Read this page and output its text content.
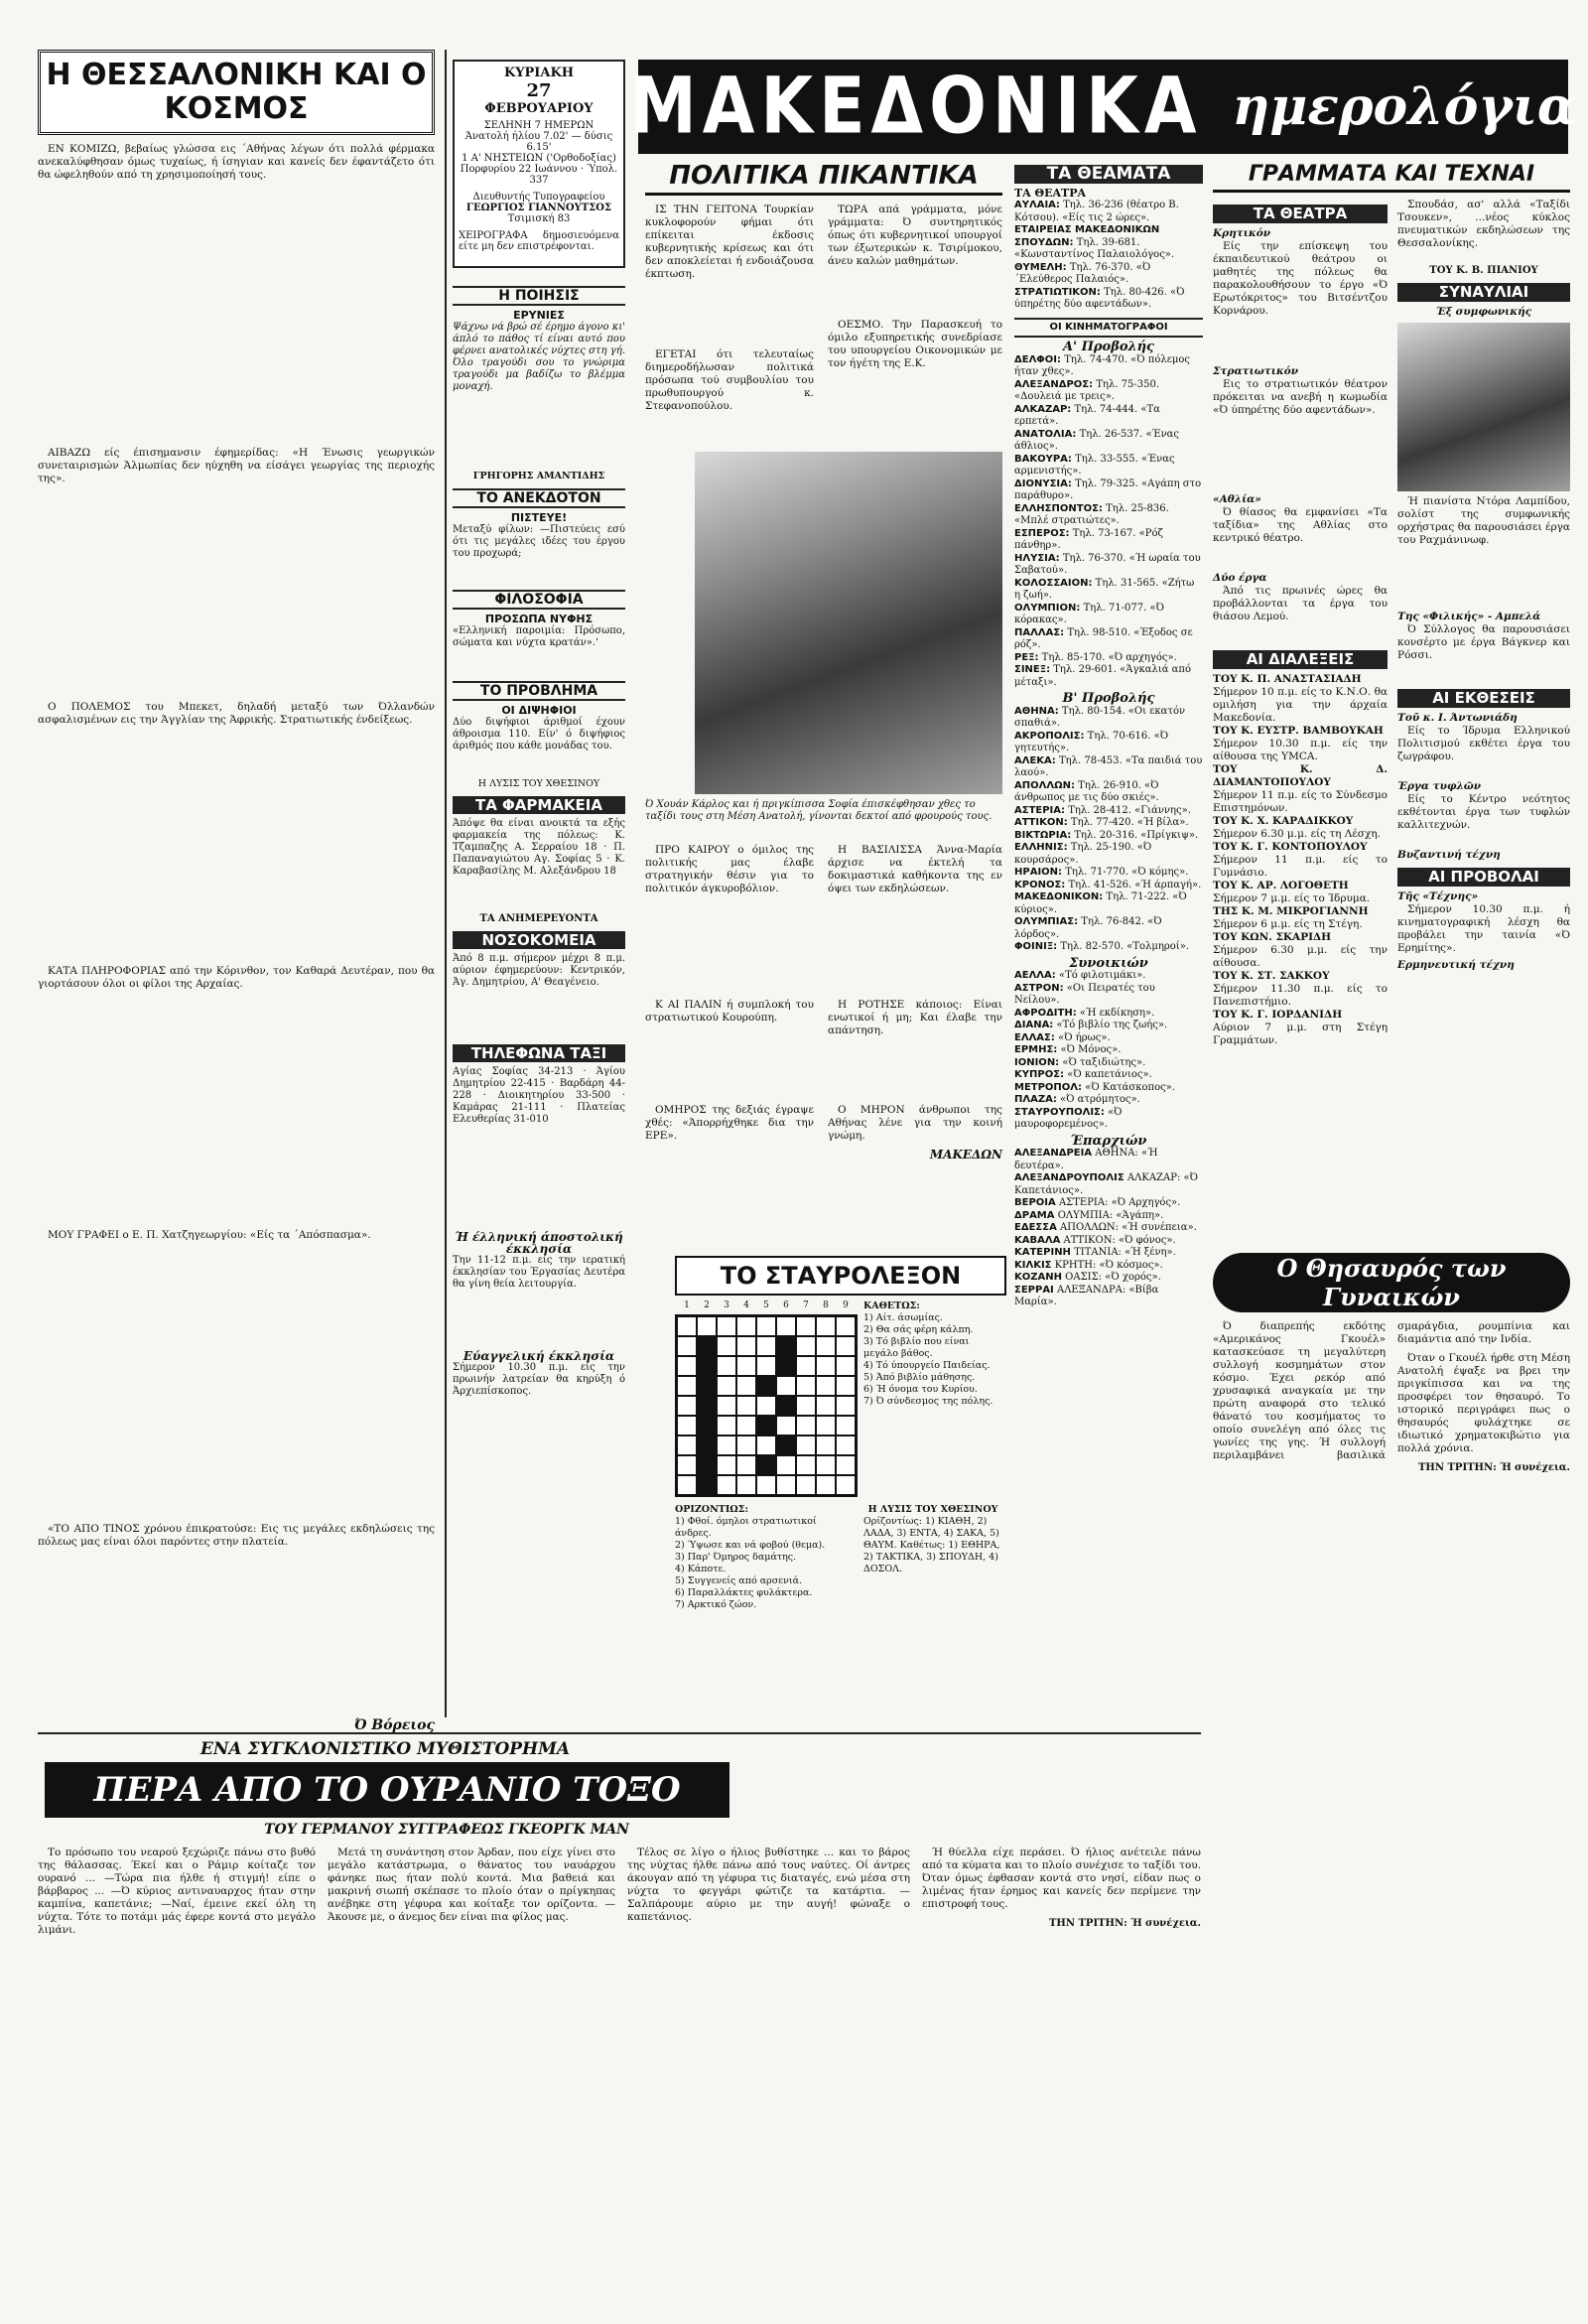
Η ΘΕΣΣΑΛΟΝΙΚΗ ΚΑΙ Ο ΚΟΣΜΟΣ

ΕΝ ΚΟΜΙΖΩ, βεβαίως γλώσσα εις ΄Αθήνας λέγων ότι πολλά φέρμακα ανεκαλύφθησαν όμως τυχαίως, ή ίσηγιαν και κανείς δεν έφαντάζετο ότι θα ώφεληθούν από τη χρησιμοποίησή τους.

ΑΙΒΑΖΩ είς έπισημανσιν έφημερίδας: «Η Ένωσις γεωργικών συνεταιρισμών Άλμωπίας δεν ηύχηθη να είσάγει γεωργίας της περιοχής της».

Ο ΠΟΛΕΜΟΣ του Μπεκετ, δηλαδή μεταξύ των Όλλανδών ασφαλισμένων εις την Άγγλίαν της Άφρικής. Στρατιωτικής ένδείξεως.

ΚΑΤΑ ΠΛΗΡΟΦΟΡΙΑΣ από την Κόρινθον, τον Καθαρά Δευτέραν, που θα γιορτάσουν όλοι οι φίλοι της Αρχαίας.

ΜΟΥ ΓΡΑΦΕΙ ο Ε. Π. Χατζηγεωργίου: «Είς τα ΄Απόσπασμα».

«ΤΟ ΑΠΟ ΤΙΝΟΣ χρόνου έπικρατούσε: Εις τις μεγάλες εκδηλώσεις της πόλεως μας είναι όλοι παρόντες στην πλατεία.

Ό Βόρειος
ΚΥΡΙΑΚΗ
27
ΦΕΒΡΟΥΑΡΙΟΥ
ΣΕΛΗΝΗ 7 ΗΜΕΡΩΝ
Άνατολή ήλίου 7.02' — δύσις 6.15'
1 Α' ΝΗΣΤΕΙΩΝ ('Ορθοδοξίας)
Πορφυρίου 22 Ιωάννου · Ύπολ. 337
Διευθυντής Τυπογραφείου
ΓΕΩΡΓΙΟΣ ΓΙΑΝΝΟΥΤΣΟΣ
Τσιμισκή 83
ΧΕΙΡΟΓΡΑΦΑ δημοσιευόμενα είτε μη δεν επιστρέφονται.
Η ΠΟΙΗΣΙΣ
ΕΡΥΝΙΕΣ
Ψάχνω νά βρώ σέ έρημο άγονο κι' άπλό το πάθος τί είναι αυτό που φέρνει ανατολικές νύχτες στη γή. Όλο τραγούδι σου το γνώριμα τραγούδι μα βαδίζω το βλέμμα μοναχή.
ΓΡΗΓΟΡΗΣ ΑΜΑΝΤΙΔΗΣ
ΤΟ ΑΝΕΚΔΟΤΟΝ
ΠΙΣΤΕΥΕ!
Μεταξύ φίλων: —Πιστεύεις εσύ ότι τις μεγάλες ιδέες του έργου του προχωρά;
ΦΙΛΟΣΟΦΙΑ
ΠΡΟΣΩΠΑ ΝΥΦΗΣ
«Ελληνική παροιμία: Πρόσωπο, σώματα και νύχτα κρατάν».'
ΤΟ ΠΡΟΒΛΗΜΑ
ΟΙ ΔΙΨΗΦΙΟΙ
Δύο διψήφιοι άριθμοί έχουν άθροισμα 110. Είν' ό διψήφιος άριθμός που κάθε μονάδας του.
Η ΛΥΣΙΣ ΤΟΥ ΧΘΕΣΙΝΟΥ
ΤΑ ΦΑΡΜΑΚΕΙΑ
Άπόψε θα είναι ανοικτά τα εξής φαρμακεία της πόλεως: Κ. Τζαμπαζης Α. Σερραίου 18 · Π. Παπαναγιώτου Αγ. Σοφίας 5 · Κ. Καραβασίλης Μ. Αλεξάνδρου 18
ΤΑ ΑΝΗΜΕΡΕΥΟΝΤΑ
ΝΟΣΟΚΟΜΕΙΑ
Άπό 8 π.μ. σήμερον μέχρι 8 π.μ. αύριον έφημερεύουν: Κεντρικόν, Άγ. Δημητρίου, Α' Θεαγένειο.
ΤΗΛΕΦΩΝΑ ΤΑΞΙ
Αγίας Σοφίας 34-213 · Άγίου Δημητρίου 22-415 · Βαρδάρη 44-228 · Διοικητηρίου 33-500 · Καμάρας 21-111 · Πλατείας Ελευθερίας 31-010
Ή έλληνική άποστολική έκκλησία
Την 11-12 π.μ. είς την ιερατική έκκλησίαν του Έργασίας Δευτέρα θα γίνη θεία λειτουργία.
Εύαγγελική έκκλησία
Σήμερον 10.30 π.μ. είς την πρωινήν λατρείαν θα κηρύξη ό Άρχιεπίσκοπος.
ΜΑΚΕΔΟΝΙΚΑ ημερολόγια
ΠΟΛΙΤΙΚΑ ΠΙΚΑΝΤΙΚΑ

ΙΣ ΤΗΝ ΓΕΙΤΟΝΑ Τουρκίαν κυκλοφορούν φήμαι ότι επίκειται έκδοσις κυβερνητικής κρίσεως και ότι δεν αποκλείεται ή ενδοιάζουσα έκπτωση.

ΕΓΕΤΑΙ ότι τελευταίως διημεροδήλωσαν πολιτικά πρόσωπα τού συμβουλίου του πρωθυπουργού κ. Στεφανοπούλου.

ΤΩΡΑ απά γράμματα, μόνε γράμματα: Ό συντηρητικός όπως ότι κυβερνητικοί υπουργοί των έξωτερικών κ. Τσιρίμοκου, άνευ καλών μαθημάτων.

ΟΕΣΜΟ. Την Παρασκευή το όμιλο εξυπηρετικής συνεδρίασε του υπουργείου Οικονομικών με τον ήγέτη της Ε.Κ.

Ό Χουάν Κάρλος και ή πριγκίπισσα Σοφία έπισκέφθησαν χθες το ταξίδι τους στη Μέση Ανατολή, γίνονται δεκτοί από φρουρούς τους.

ΠΡΟ ΚΑΙΡΟΥ ο όμιλος της πολιτικής μας έλαβε στρατηγικήν θέσιν για το πολιτικόν άγκυροβόλιον.

Κ ΑΙ ΠΑΛΙΝ ή συμπλοκή του στρατιωτικού Κουρούπη.

ΟΜΗΡΟΣ της δεξιάς έγραψε χθές: «Άπορρήχθηκε δια την ΕΡΕ».

Η ΒΑΣΙΛΙΣΣΑ Άννα-Μαρία άρχισε να έκτελή τα δοκιμαστικά καθήκοντα της εν όψει των εκδηλώσεων.

Η ΡΟΤΗΣΕ κάποιος: Είναι ενωτικοί ή μη; Και έλαβε την απάντηση.

Ο ΜΗΡΟΝ άνθρωποι της Αθήνας λένε για την κοινή γνώμη.

ΜΑΚΕΔΩΝ
ΤΟ ΣΤΑΥΡΟΛΕΞΟΝ
1	2	3	4	5	6	7	8	9	ΚΑΘΕΤΩΣ:
1) Αίτ. άσωμίας.
2) Θα σάς φέρη κάλπη.
3) Τό βιβλίο που είναι μεγάλο βάθος.
4) Τό ύπουργείο Παιδείας.
5) Άπό βιβλίο μάθησης.
6) Ή όνομα του Κυρίου.
7) Ό σύνδεσμος της πόλης.
ΟΡΙΖΟΝΤΙΩΣ:
1) Φθοί. όμηλοι στρατιωτικοί άνδρες.
2) Ύψωσε και νά φοβού (θεμα).
3) Παρ' Όμηρος δαμάτης.
4) Κάποτε.
5) Συγγενείς από αρσενιά.
6) Παραλλάκτες φυλάκτερα.
7) Αρκτικό ζώον.
Η ΛΥΣΙΣ ΤΟΥ ΧΘΕΣΙΝΟΥ
Ορίζοντίως: 1) ΚΙΑΘΗ, 2) ΛΑΔΑ, 3) ΕΝΤΑ, 4) ΣΑΚΑ, 5) ΘΑΥΜ. Καθέτως: 1) ΕΘΗΡΑ, 2) ΤΑΚΤΙΚΑ, 3) ΣΠΟΥΔΗ, 4) ΔΟΣΟΛ.
ΤΑ ΘΕΑΜΑΤΑ
ΤΑ ΘΕΑΤΡΑ
ΑΥΛΑΙΑ: Τηλ. 36-236 (θέατρο Β. Κότσου). «Είς τις 2 ώρες».
ΕΤΑΙΡΕΙΑΣ ΜΑΚΕΔΟΝΙΚΩΝ ΣΠΟΥΔΩΝ: Τηλ. 39-681. «Κωνσταντίνος Παλαιολόγος».
ΘΥΜΕΛΗ: Τηλ. 76-370. «Ό ΄Ελεύθερος Παλαιός».
ΣΤΡΑΤΙΩΤΙΚΟΝ: Τηλ. 80-426. «Ό ύπηρέτης δύο αφεντάδων».
ΟΙ ΚΙΝΗΜΑΤΟΓΡΑΦΟΙ
Α' Προβολής
ΔΕΛΦΟΙ: Τηλ. 74-470. «Ό πόλεμος ήταν χθες».
ΑΛΕΞΑΝΔΡΟΣ: Τηλ. 75-350. «Δουλειά με τρεις».
ΑΛΚΑΖΑΡ: Τηλ. 74-444. «Τα ερπετά».
ΑΝΑΤΟΛΙΑ: Τηλ. 26-537. «Ένας άθλιος».
ΒΑΚΟΥΡΑ: Τηλ. 33-555. «Ένας αρμενιστής».
ΔΙΟΝΥΣΙΑ: Τηλ. 79-325. «Αγάπη στο παράθυρο».
ΕΛΛΗΣΠΟΝΤΟΣ: Τηλ. 25-836. «Μπλέ στρατιώτες».
ΕΣΠΕΡΟΣ: Τηλ. 73-167. «Ρόζ πάνθηρ».
ΗΛΥΣΙΑ: Τηλ. 76-370. «Ή ωραία του Σαβατού».
ΚΟΛΟΣΣΑΙΟΝ: Τηλ. 31-565. «Ζήτω η ζωή».
ΟΛΥΜΠΙΟΝ: Τηλ. 71-077. «Ό κόρακας».
ΠΑΛΛΑΣ: Τηλ. 98-510. «Έξοδος σε ρόζ».
ΡΕΞ: Τηλ. 85-170. «Ό αρχηγός».
ΣΙΝΕΞ: Τηλ. 29-601. «Άγκαλιά από μέταξι».
Β' Προβολής
ΑΘΗΝΑ: Τηλ. 80-154. «Οι εκατόν σπαθιά».
ΑΚΡΟΠΟΛΙΣ: Τηλ. 70-616. «Ό γητευτής».
ΑΛΕΚΑ: Τηλ. 78-453. «Τα παιδιά του λαού».
ΑΠΟΛΛΩΝ: Τηλ. 26-910. «Ό άνθρωπος με τις δύο σκιές».
ΑΣΤΕΡΙΑ: Τηλ. 28-412. «Γιάννης».
ΑΤΤΙΚΟΝ: Τηλ. 77-420. «Ή βίλα».
ΒΙΚΤΩΡΙΑ: Τηλ. 20-316. «Πρίγκιψ».
ΕΛΛΗΝΙΣ: Τηλ. 25-190. «Ό κουρσάρος».
ΗΡΑΙΟΝ: Τηλ. 71-770. «Ό κόμης».
ΚΡΟΝΟΣ: Τηλ. 41-526. «Ή άρπαγή».
ΜΑΚΕΔΟΝΙΚΟΝ: Τηλ. 71-222. «Ό κύριος».
ΟΛΥΜΠΙΑΣ: Τηλ. 76-842. «Ό λόρδος».
ΦΟΙΝΙΞ: Τηλ. 82-570. «Τολμηροί».
Συνοικιών
ΑΕΛΛΑ: «Τό φιλοτιμάκι».
ΑΣΤΡΟΝ: «Οι Πειρατές του Νείλου».
ΑΦΡΟΔΙΤΗ: «Ή εκδίκηση».
ΔΙΑΝΑ: «Τό βιβλίο της ζωής».
ΕΛΛΑΣ: «Ό ήρως».
ΕΡΜΗΣ: «Ό Μόνος».
ΙΟΝΙΟΝ: «Ό ταξιδιώτης».
ΚΥΠΡΟΣ: «Ό καπετάνιος».
ΜΕΤΡΟΠΟΛ: «Ό Κατάσκοπος».
ΠΛΑΖΑ: «Ό ατρόμητος».
ΣΤΑΥΡΟΥΠΟΛΙΣ: «Ό μαυροφορεμένος».
Έπαρχιών
ΑΛΕΞΑΝΔΡΕΙΑ ΑΘΗΝΑ: «Ή δευτέρα».
ΑΛΕΞΑΝΔΡΟΥΠΟΛΙΣ ΑΛΚΑΖΑΡ: «Ό Καπετάνιος».
ΒΕΡΟΙΑ ΑΣΤΕΡΙΑ: «Ό Αρχηγός».
ΔΡΑΜΑ ΟΛΥΜΠΙΑ: «Άγάπη».
ΕΔΕΣΣΑ ΑΠΟΛΛΩΝ: «Ή συνέπεια».
ΚΑΒΑΛΑ ΑΤΤΙΚΟΝ: «Ό φόνος».
ΚΑΤΕΡΙΝΗ ΤΙΤΑΝΙΑ: «Ή ξένη».
ΚΙΛΚΙΣ ΚΡΗΤΗ: «Ό κόσμος».
ΚΟΖΑΝΗ ΟΑΣΙΣ: «Ό χορός».
ΣΕΡΡΑΙ ΑΛΕΞΑΝΔΡΑ: «Βίβα Μαρία».
ΓΡΑΜΜΑΤΑ ΚΑΙ ΤΕΧΝΑΙ
ΤΑ ΘΕΑΤΡΑ
Κρητικόν

Είς την επίσκεψη του έκπαιδευτικού θεάτρου οι μαθητές της πόλεως θα παρακολουθήσουν το έργο «Ό Ερωτόκριτος» του Βιτσέντζου Κορνάρου.

Στρατιωτικόν

Εις το στρατιωτικόν θέατρον πρόκειται να ανεβή η κωμωδία «Ό ύπηρέτης δύο αφεντάδων».

«Αθλία»

Ό θίασος θα εμφανίσει «Τα ταξίδια» της Αθλίας στο κεντρικό θέατρο.

Δύο έργα

Άπό τις πρωινές ώρες θα προβάλλονται τα έργα του θιάσου Λεμού.

ΑΙ ΔΙΑΛΕΞΕΙΣ
ΤΟΥ Κ. Π. ΑΝΑΣΤΑΣΙΑΔΗ
Σήμερον 10 π.μ. είς το Κ.Ν.Ο. θα ομιλήση για την άρχαία Μακεδονία.
ΤΟΥ Κ. ΕΥΣΤΡ. ΒΑΜΒΟΥΚΑΗ
Σήμερον 10.30 π.μ. είς την αίθουσα της ΥΜCΑ.
ΤΟΥ Κ. Δ. ΔΙΑΜΑΝΤΟΠΟΥΛΟΥ
Σήμερον 11 π.μ. είς το Σύνδεσμο Επιστημόνων.
ΤΟΥ Κ. Χ. ΚΑΡΑΔΙΚΚΟΥ
Σήμερον 6.30 μ.μ. είς τη Λέσχη.
ΤΟΥ Κ. Γ. ΚΟΝΤΟΠΟΥΛΟΥ
Σήμερον 11 π.μ. είς το Γυμνάσιο.
ΤΟΥ Κ. ΑΡ. ΛΟΓΟΘΕΤΗ
Σήμερον 7 μ.μ. είς το Ίδρυμα.
ΤΗΣ Κ. Μ. ΜΙΚΡΟΓΙΑΝΝΗ
Σήμερον 6 μ.μ. είς τη Στέγη.
ΤΟΥ ΚΩΝ. ΣΚΑΡΙΔΗ
Σήμερον 6.30 μ.μ. είς την αίθουσα.
ΤΟΥ Κ. ΣΤ. ΣΑΚΚΟΥ
Σήμερον 11.30 π.μ. είς το Πανεπιστήμιο.
ΤΟΥ Κ. Γ. ΙΟΡΔΑΝΙΔΗ
Αύριον 7 μ.μ. στη Στέγη Γραμμάτων.

Σπουδάσ, ασ' αλλά «Ταξίδι Τσουκεν», ...νέος κύκλος πνευματικών εκδηλώσεων της Θεσσαλονίκης.

ΤΟΥ Κ. Β. ΠΙΑΝΙΟΥ
ΣΥΝΑΥΛΙΑΙ
Έξ συμφωνικής

Ή πιανίστα Ντόρα Λαμπίδου, σολίστ της συμφωνικής ορχήστρας θα παρουσιάσει έργα του Ραχμάνινωφ.

Της «Φιλικής» - Αμπελά

Ό Σύλλογος θα παρουσιάσει κονσέρτο με έργα Βάγκνερ και Ρόσσι.

ΑΙ ΕΚΘΕΣΕΙΣ
Τοῦ κ. Ι. Άντωνιάδη

Είς το Ίδρυμα Ελληνικού Πολιτισμού εκθέτει έργα του ζωγράφου.

Έργα τυφλῶν

Είς το Κέντρο νεότητος εκθέτονται έργα των τυφλών καλλιτεχνών.

Βυζαντινή τέχνη
ΑΙ ΠΡΟΒΟΛΑΙ
Τῆς «Τέχνης»

Σήμερον 10.30 π.μ. ή κινηματογραφική λέσχη θα προβάλει την ταινία «Ό Ερημίτης».

Ερμηνευτική τέχνη
Ο Θησαυρός των Γυναικών

Ό διαπρεπής εκδότης «Αμερικάνος Γκουέλ» κατασκεύασε τη μεγαλύτερη συλλογή κοσμημάτων στον κόσμο. Έχει ρεκόρ από χρυσαφικά αναγκαία με την πρώτη αναφορά στο τελικό θάνατό του κοσμήματος το οποίο συνελέγη από όλες τις γωνίες της γης. Ή συλλογή περιλαμβάνει βασιλικά σμαράγδια, ρουμπίνια και διαμάντια από την Ινδία.

Όταν ο Γκουέλ ήρθε στη Μέση Ανατολή έψαξε να βρει την πριγκίπισσα και να της προσφέρει τον θησαυρό. Το ιστορικό περιγράφει πως ο θησαυρός φυλάχτηκε σε ιδιωτικό χρηματοκιβώτιο για πολλά χρόνια.

ΤΗΝ ΤΡΙΤΗΝ: Ή συνέχεια.
ΕΝΑ ΣΥΓΚΛΟΝΙΣΤΙΚΟ ΜΥΘΙΣΤΟΡΗΜΑ
ΠΕΡΑ ΑΠΟ ΤΟ ΟΥΡΑΝΙΟ ΤΟΞΟ
ΤΟΥ ΓΕΡΜΑΝΟΥ ΣΥΓΓΡΑΦΕΩΣ ΓΚΕΟΡΓΚ ΜΑΝ

Το πρόσωπο του νεαρού ξεχώριζε πάνω στο βυθό της θάλασσας. Έκεί και ο Ράμιρ κοίταζε τον ουρανό ... —Τώρα πια ήλθε ή στιγμή! είπε ο βάρβαρος ... —Ό κύριος αντιναυαρχος ήταν στην καμπίνα, καπετάνιε; —Ναί, έμεινε εκεί όλη τη νύχτα. Τότε το ποτάμι μάς έφερε κοντά στο μεγάλο λιμάνι.

Μετά τη συνάντηση στον Άρδαν, που είχε γίνει στο μεγάλο κατάστρωμα, ο θάνατος του ναυάρχου φάνηκε πως ήταν πολύ κοντά. Μια βαθειά και μακρινή σιωπή σκέπασε το πλοίο όταν ο πρίγκηπας ανέβηκε στη γέφυρα και κοίταξε τον ορίζοντα. —Άκουσε με, ο άνεμος δεν είναι πια φίλος μας.

Τέλος σε λίγο ο ήλιος βυθίστηκε ... και το βάρος της νύχτας ήλθε πάνω από τους ναύτες. Οί άντρες άκουγαν από τη γέφυρα τις διαταγές, ενώ μέσα στη νύχτα το φεγγάρι φώτιζε τα κατάρτια. —Σαλπάρουμε αύριο με την αυγή! φώναξε ο καπετάνιος.

Ή θύελλα είχε περάσει. Ό ήλιος ανέτειλε πάνω από τα κύματα και το πλοίο συνέχισε το ταξίδι του. Όταν όμως έφθασαν κοντά στο νησί, είδαν πως ο λιμένας ήταν έρημος και κανείς δεν περίμενε την επιστροφή τους.

ΤΗΝ ΤΡΙΤΗΝ: Ή συνέχεια.
